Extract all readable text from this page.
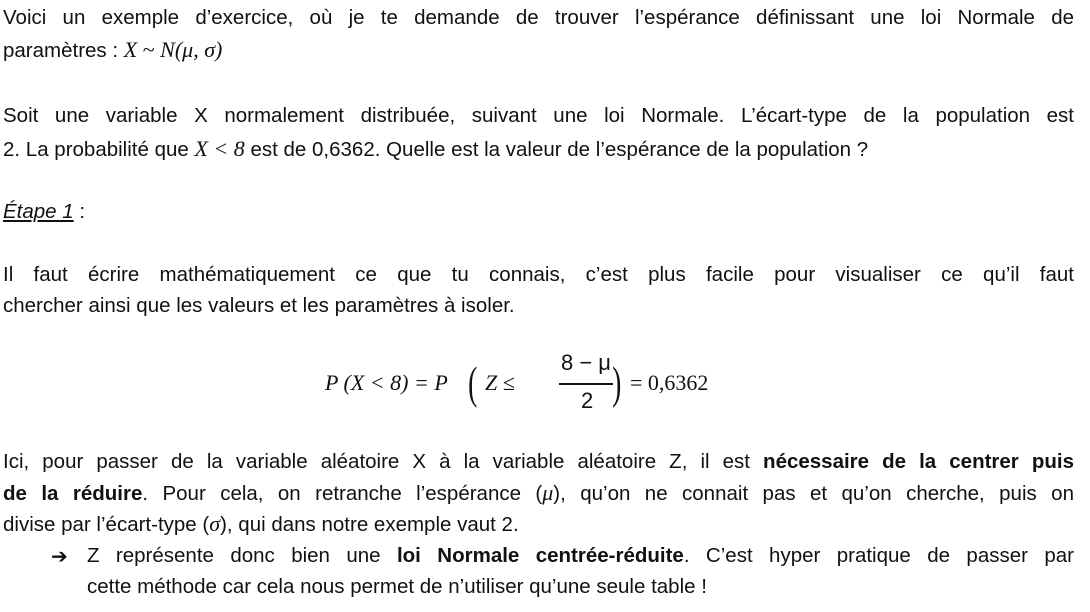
Voici un exemple d’exercice, où je te demande de trouver l’espérance définissant une loi Normale de
paramètres : X ~ N(μ, σ)
Soit une variable X normalement distribuée, suivant une loi Normale. L’écart-type de la population est
2. La probabilité que X < 8 est de 0,6362. Quelle est la valeur de l’espérance de la population ?
Étape 1 :
Il faut écrire mathématiquement ce que tu connais, c’est plus facile pour visualiser ce qu’il faut
chercher ainsi que les valeurs et les paramètres à isoler.
Ici, pour passer de la variable aléatoire X à la variable aléatoire Z, il est nécessaire de la centrer puis
de la réduire. Pour cela, on retranche l’espérance (μ), qu’on ne connait pas et qu’on cherche, puis on
divise par l’écart-type (σ), qui dans notre exemple vaut 2.
➔ Z représente donc bien une loi Normale centrée-réduite. C’est hyper pratique de passer par
cette méthode car cela nous permet de n’utiliser qu’une seule table !
P (X < 8) = P ( Z ≤
8 − μ
2 ) = 0,6362
